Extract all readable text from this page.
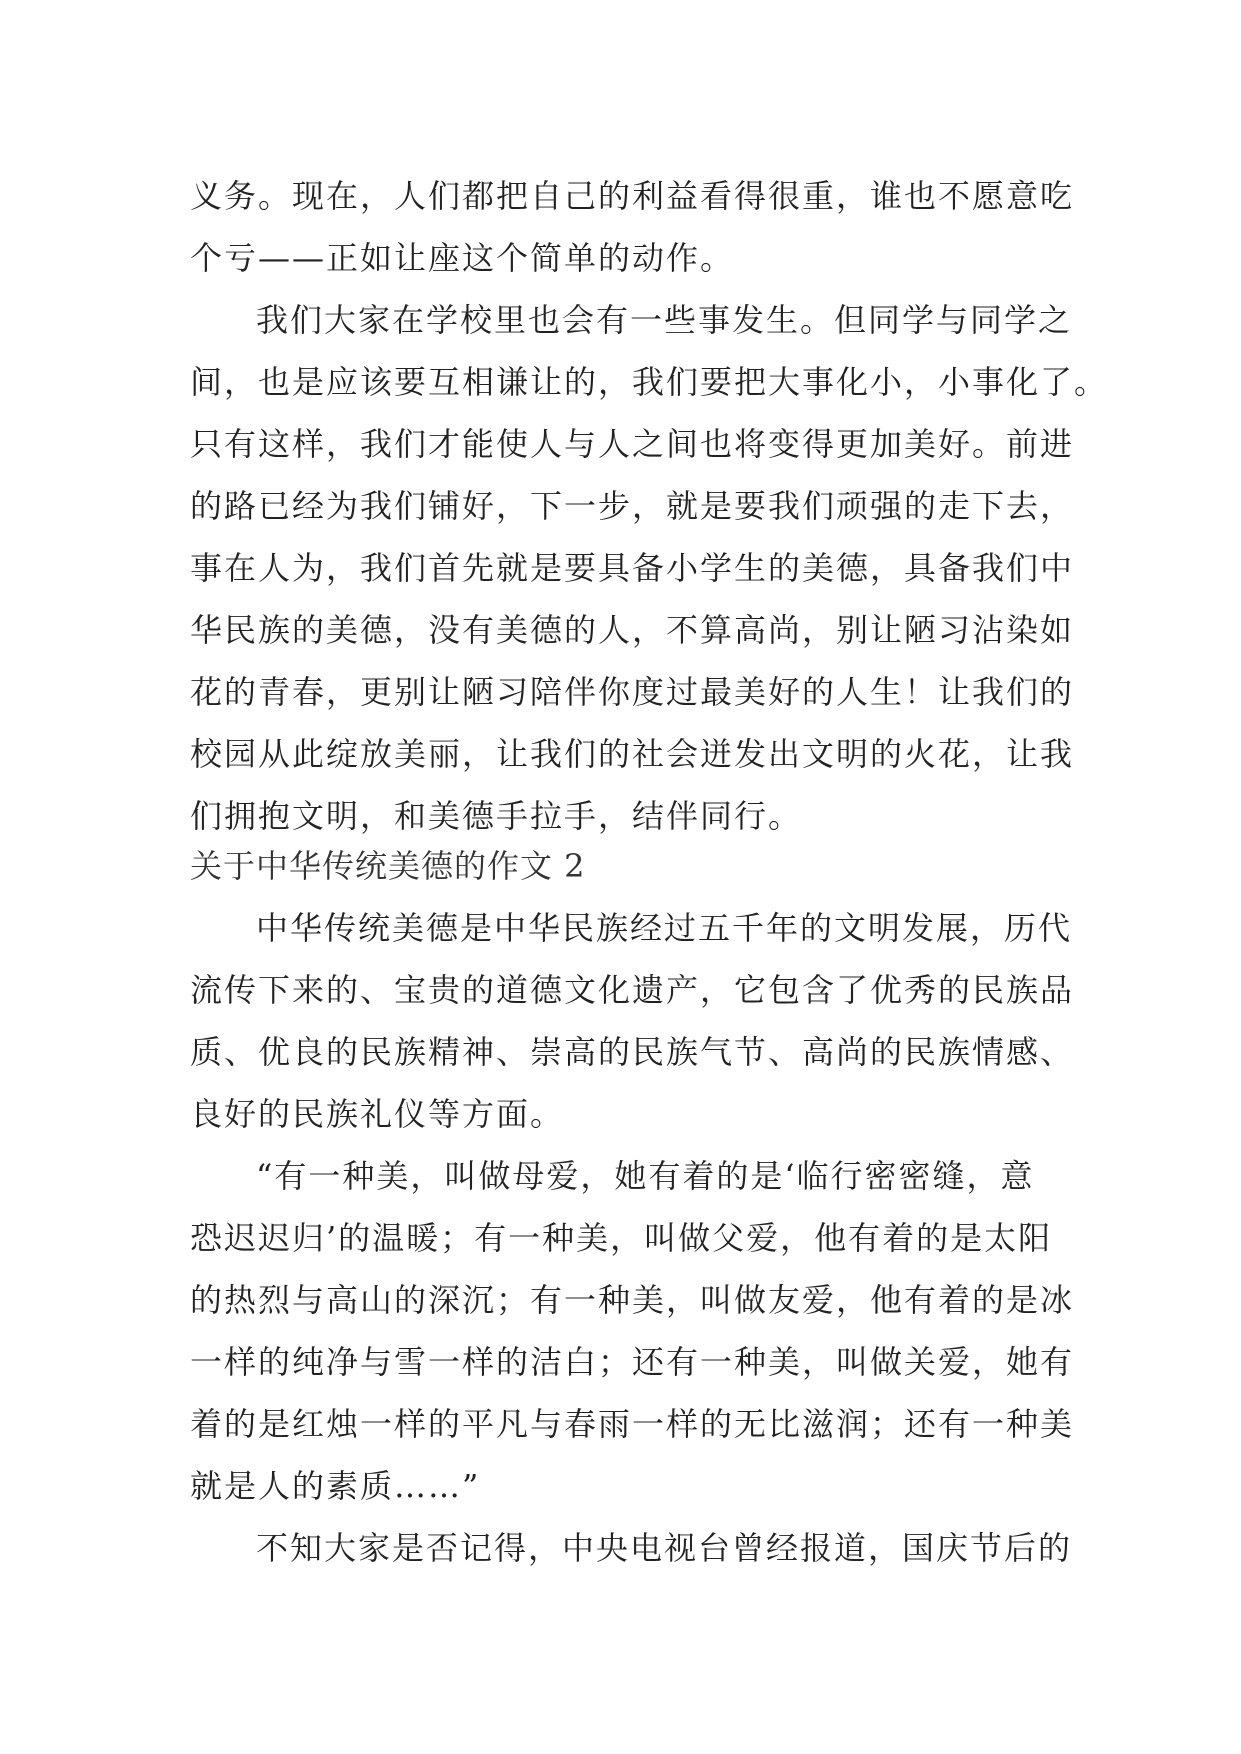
义务。现在，人们都把自己的利益看得很重，谁也不愿意吃
个亏——正如让座这个简单的动作。
我们大家在学校里也会有一些事发生。但同学与同学之
间，也是应该要互相谦让的，我们要把大事化小，小事化了。
只有这样，我们才能使人与人之间也将变得更加美好。前进
的路已经为我们铺好，下一步，就是要我们顽强的走下去，
事在人为，我们首先就是要具备小学生的美德，具备我们中
华民族的美德，没有美德的人，不算高尚，别让陋习沾染如
花的青春，更别让陋习陪伴你度过最美好的人生！让我们的
校园从此绽放美丽，让我们的社会迸发出文明的火花，让我
们拥抱文明，和美德手拉手，结伴同行。
关于中华传统美德的作文 2
中华传统美德是中华民族经过五千年的文明发展，历代
流传下来的、宝贵的道德文化遗产，它包含了优秀的民族品
质、优良的民族精神、崇高的民族气节、高尚的民族情感、
良好的民族礼仪等方面。
“有一种美，叫做母爱，她有着的是‘临行密密缝，意
恐迟迟归’的温暖；有一种美，叫做父爱，他有着的是太阳
的热烈与高山的深沉；有一种美，叫做友爱，他有着的是冰
一样的纯净与雪一样的洁白；还有一种美，叫做关爱，她有
着的是红烛一样的平凡与春雨一样的无比滋润；还有一种美
就是人的素质……”
不知大家是否记得，中央电视台曾经报道，国庆节后的
